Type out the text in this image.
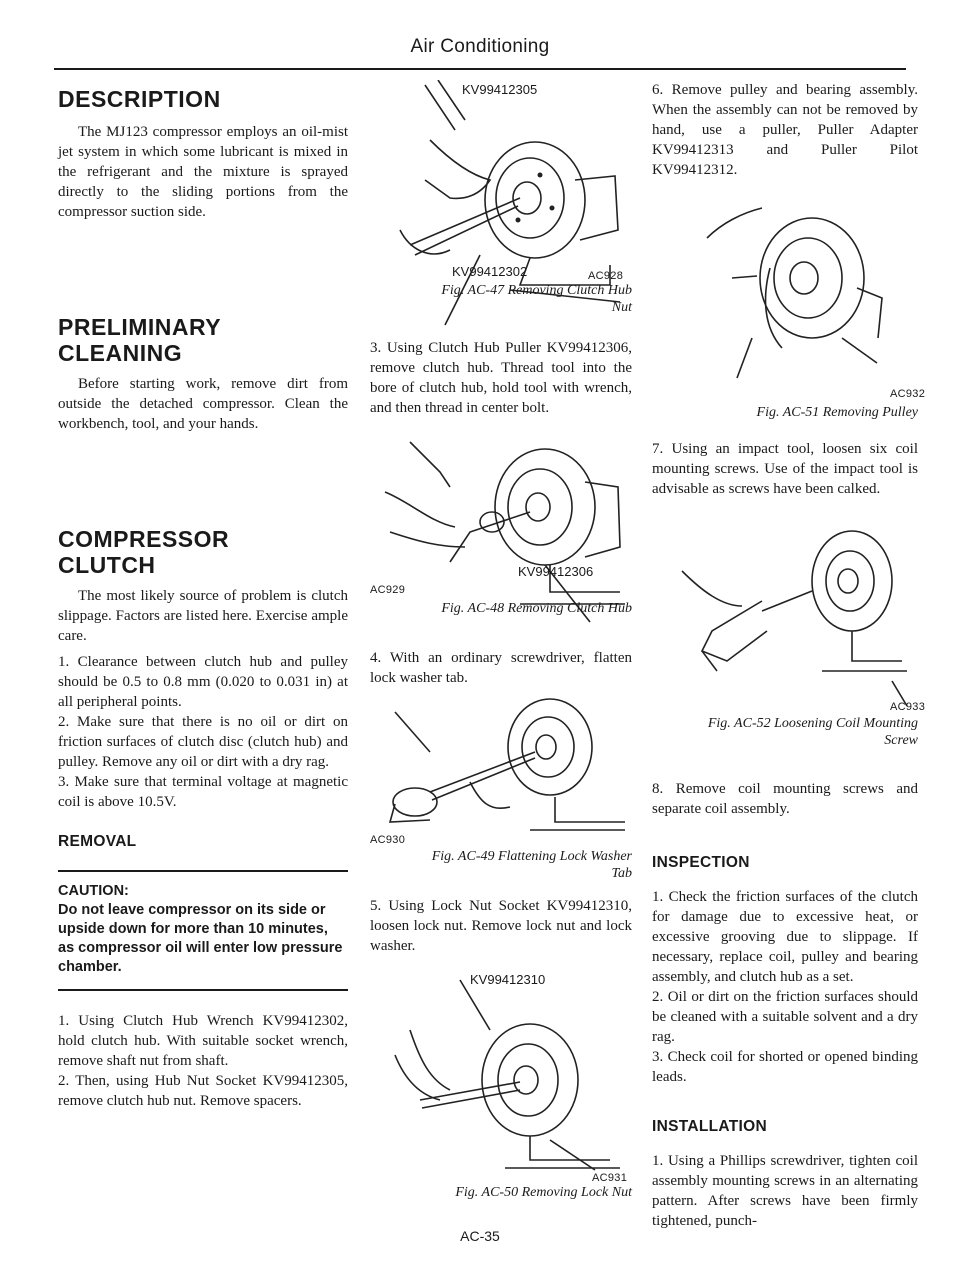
Air Conditioning
DESCRIPTION

The MJ123 compressor employs an oil-mist jet system in which some lubricant is mixed in the refrigerant and the mixture is sprayed directly to the sliding portions from the compressor suction side.

PRELIMINARY
CLEANING

Before starting work, remove dirt from outside the detached compressor. Clean the workbench, tool, and your hands.

COMPRESSOR
CLUTCH

The most likely source of problem is clutch slippage. Factors are listed here. Exercise ample care.

1. Clearance between clutch hub and pulley should be 0.5 to 0.8 mm (0.020 to 0.031 in) at all peripheral points.

2. Make sure that there is no oil or dirt on friction surfaces of clutch disc (clutch hub) and pulley. Remove any oil or dirt with a dry rag.

3. Make sure that terminal voltage at magnetic coil is above 10.5V.

REMOVAL
CAUTION:
Do not leave compressor on its side or upside down for more than 10 minutes, as compressor oil will enter low pressure chamber.

1. Using Clutch Hub Wrench KV99412302, hold clutch hub. With suitable socket wrench, remove shaft nut from shaft.

2. Then, using Hub Nut Socket KV99412305, remove clutch hub nut. Remove spacers.

KV99412305
KV99412302	AC928
Fig. AC-47 Removing Clutch Hub
Nut

3. Using Clutch Hub Puller KV99412306, remove clutch hub. Thread tool into the bore of clutch hub, hold tool with wrench, and then thread in center bolt.

KV99412306
AC929
Fig. AC-48 Removing Clutch Hub

4. With an ordinary screwdriver, flatten lock washer tab.

AC930
Fig. AC-49 Flattening Lock Washer
Tab

5. Using Lock Nut Socket KV99412310, loosen lock nut. Remove lock nut and lock washer.

KV99412310
AC931
Fig. AC-50 Removing Lock Nut

6. Remove pulley and bearing assembly. When the assembly can not be removed by hand, use a puller, Puller Adapter KV99412313 and Puller Pilot KV99412312.

AC932
Fig. AC-51 Removing Pulley

7. Using an impact tool, loosen six coil mounting screws. Use of the impact tool is advisable as screws have been calked.

AC933
Fig. AC-52 Loosening Coil Mounting
Screw

8. Remove coil mounting screws and separate coil assembly.

INSPECTION

1. Check the friction surfaces of the clutch for damage due to excessive heat, or excessive grooving due to slippage. If necessary, replace coil, pulley and bearing assembly, and clutch hub as a set.

2. Oil or dirt on the friction surfaces should be cleaned with a suitable solvent and a dry rag.

3. Check coil for shorted or opened binding leads.

INSTALLATION

1. Using a Phillips screwdriver, tighten coil assembly mounting screws in an alternating pattern. After screws have been firmly tightened, punch-

AC-35
